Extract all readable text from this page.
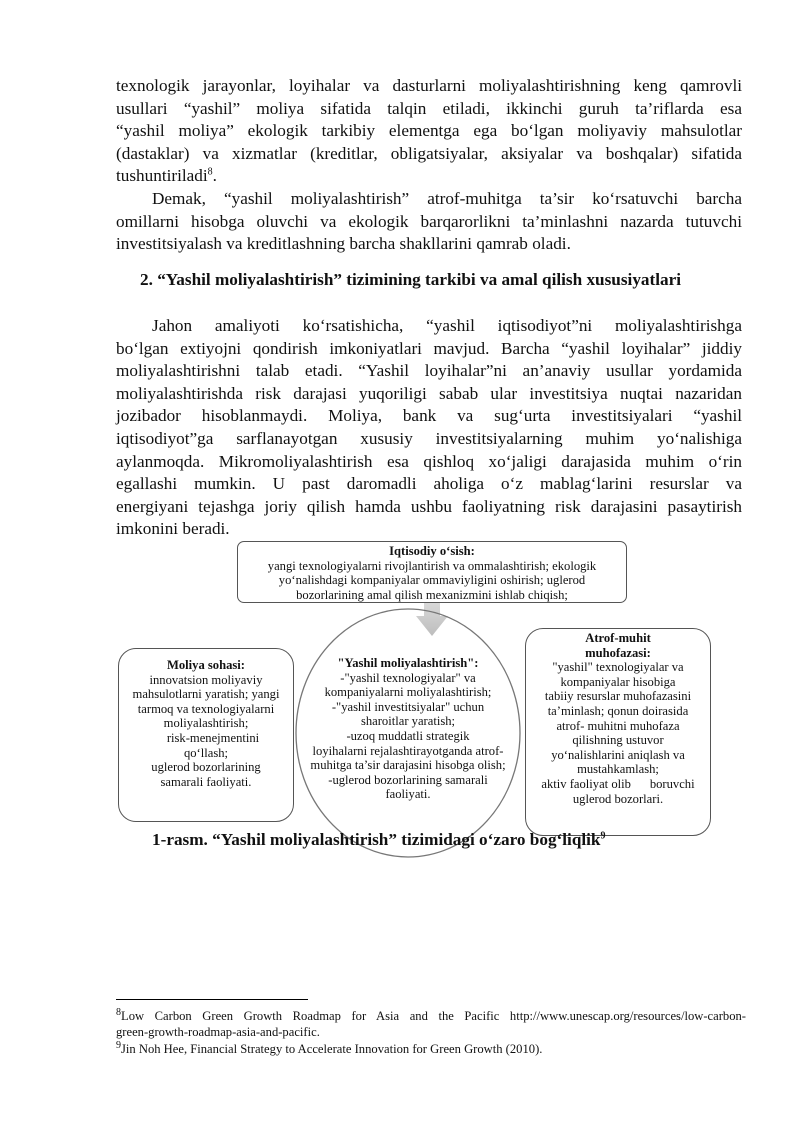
texnologik jarayonlar, loyihalar va dasturlarni moliyalashtirishning keng qamrovli
usullari “yashil” moliya sifatida talqin etiladi, ikkinchi guruh ta’riflarda esa
“yashil moliya” ekologik tarkibiy elementga ega bo‘lgan moliyaviy mahsulotlar
(dastaklar) va xizmatlar (kreditlar, obligatsiyalar, aksiyalar va boshqalar) sifatida
tushuntiriladi$^8$.
Demak, “yashil moliyalashtirish” atrof-muhitga ta’sir ko‘rsatuvchi barcha
omillarni hisobga oluvchi va ekologik barqarorlikni ta’minlashni nazarda tutuvchi
investitsiyalash va kreditlashning barcha shakllarini qamrab oladi.

2. “Yashil moliyalashtirish” tizimining tarkibi va amal qilish xususiyatlari

Jahon amaliyoti ko‘rsatishicha, “yashil iqtisodiyot”ni moliyalashtirishga
bo‘lgan extiyojni qondirish imkoniyatlari mavjud. Barcha “yashil loyihalar” jiddiy
moliyalashtirishni talab etadi. “Yashil loyihalar”ni an’anaviy usullar yordamida
moliyalashtirishda risk darajasi yuqoriligi sabab ular investitsiya nuqtai nazaridan
jozibador hisoblanmaydi. Moliya, bank va sug‘urta investitsiyalari “yashil
iqtisodiyot”ga sarflanayotgan xususiy investitsiyalarning muhim yo‘nalishiga
aylanmoqda. Mikromoliyalashtirish esa qishloq xo‘jaligi darajasida muhim o‘rin
egallashi mumkin. U past daromadli aholiga o‘z mablag‘larini resurslar va
energiyani tejashga joriy qilish hamda ushbu faoliyatning risk darajasini pasaytirish
imkonini beradi.
Iqtisodiy o‘sish:
yangi texnologiyalarni rivojlantirish va ommalashtirish; ekologik
yo‘nalishdagi kompaniyalar ommaviyligini oshirish; uglerod
bozorlarining amal qilish mexanizmini ishlab chiqish;
Moliya sohasi:
innovatsion moliyaviy
mahsulotlarni yaratish; yangi
tarmoq va texnologiyalarni
moliyalashtirish;
risk-menejmentini
qo‘llash;
uglerod bozorlarining
samarali faoliyati.
"Yashil moliyalashtirish":
-"yashil texnologiyalar" va
kompaniyalarni moliyalashtirish;
-"yashil investitsiyalar" uchun
sharoitlar yaratish;
-uzoq muddatli strategik
loyihalarni rejalashtirayotganda atrof-
muhitga ta’sir darajasini hisobga olish;
-uglerod bozorlarining samarali
faoliyati.
Atrof-muhit
muhofazasi:
"yashil" texnologiyalar va
kompaniyalar hisobiga
tabiiy resurslar muhofazasini
ta’minlash; qonun doirasida
atrof- muhitni muhofaza
qilishning ustuvor
yo‘nalishlarini aniqlash va
mustahkamlash;
aktiv faoliyat olib      boruvchi
uglerod bozorlari.

1-rasm. “Yashil moliyalashtirish” tizimidagi o‘zaro bog‘liqlik$^9$

$^8$Low Carbon Green Growth Roadmap for Asia and the Pacific http://www.unescap.org/resources/low-carbon-
green-growth-roadmap-asia-and-pacific.
$^9$Jin Noh Hee, Financial Strategy to Accelerate Innovation for Green Growth (2010).
